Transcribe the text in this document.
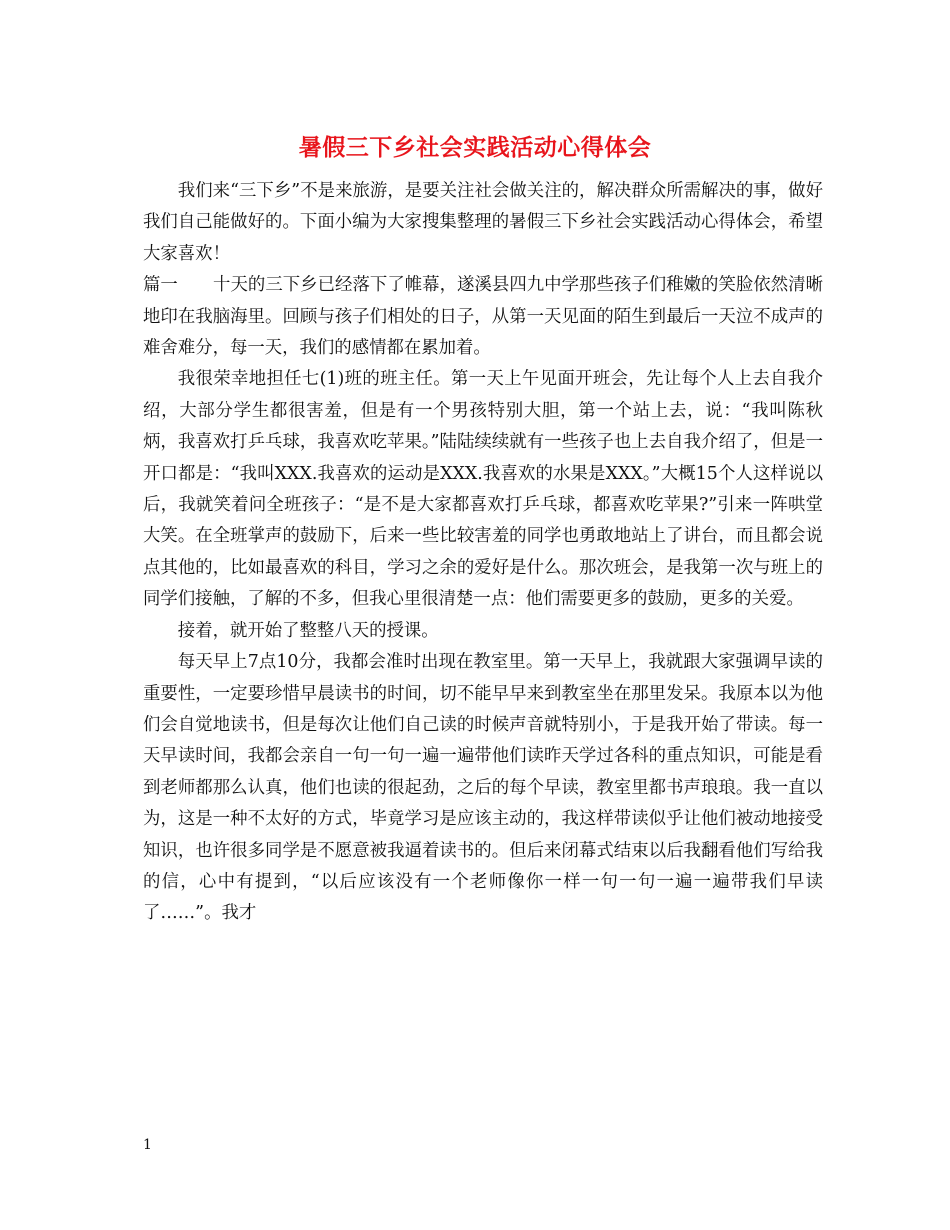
暑假三下乡社会实践活动心得体会

我们来“三下乡”不是来旅游，是要关注社会做关注的，解决群众所需解决的事，做好我们自己能做好的。下面小编为大家搜集整理的暑假三下乡社会实践活动心得体会，希望大家喜欢！

篇一 十天的三下乡已经落下了帷幕，遂溪县四九中学那些孩子们稚嫩的笑脸依然清晰地印在我脑海里。回顾与孩子们相处的日子，从第一天见面的陌生到最后一天泣不成声的难舍难分，每一天，我们的感情都在累加着。

我很荣幸地担任七(1)班的班主任。第一天上午见面开班会，先让每个人上去自我介绍，大部分学生都很害羞，但是有一个男孩特别大胆，第一个站上去，说：“我叫陈秋炳，我喜欢打乒乓球，我喜欢吃苹果。”陆陆续续就有一些孩子也上去自我介绍了，但是一开口都是：“我叫XXX.我喜欢的运动是XXX.我喜欢的水果是XXX。”大概15个人这样说以后，我就笑着问全班孩子：“是不是大家都喜欢打乒乓球，都喜欢吃苹果?”引来一阵哄堂大笑。在全班掌声的鼓励下，后来一些比较害羞的同学也勇敢地站上了讲台，而且都会说点其他的，比如最喜欢的科目，学习之余的爱好是什么。那次班会，是我第一次与班上的同学们接触，了解的不多，但我心里很清楚一点：他们需要更多的鼓励，更多的关爱。

接着，就开始了整整八天的授课。

每天早上7点10分，我都会准时出现在教室里。第一天早上，我就跟大家强调早读的重要性，一定要珍惜早晨读书的时间，切不能早早来到教室坐在那里发呆。我原本以为他们会自觉地读书，但是每次让他们自己读的时候声音就特别小，于是我开始了带读。每一天早读时间，我都会亲自一句一句一遍一遍带他们读昨天学过各科的重点知识，可能是看到老师都那么认真，他们也读的很起劲，之后的每个早读，教室里都书声琅琅。我一直以为，这是一种不太好的方式，毕竟学习是应该主动的，我这样带读似乎让他们被动地接受知识，也许很多同学是不愿意被我逼着读书的。但后来闭幕式结束以后我翻看他们写给我的信，心中有提到，“以后应该没有一个老师像你一样一句一句一遍一遍带我们早读了……”。我才

1
